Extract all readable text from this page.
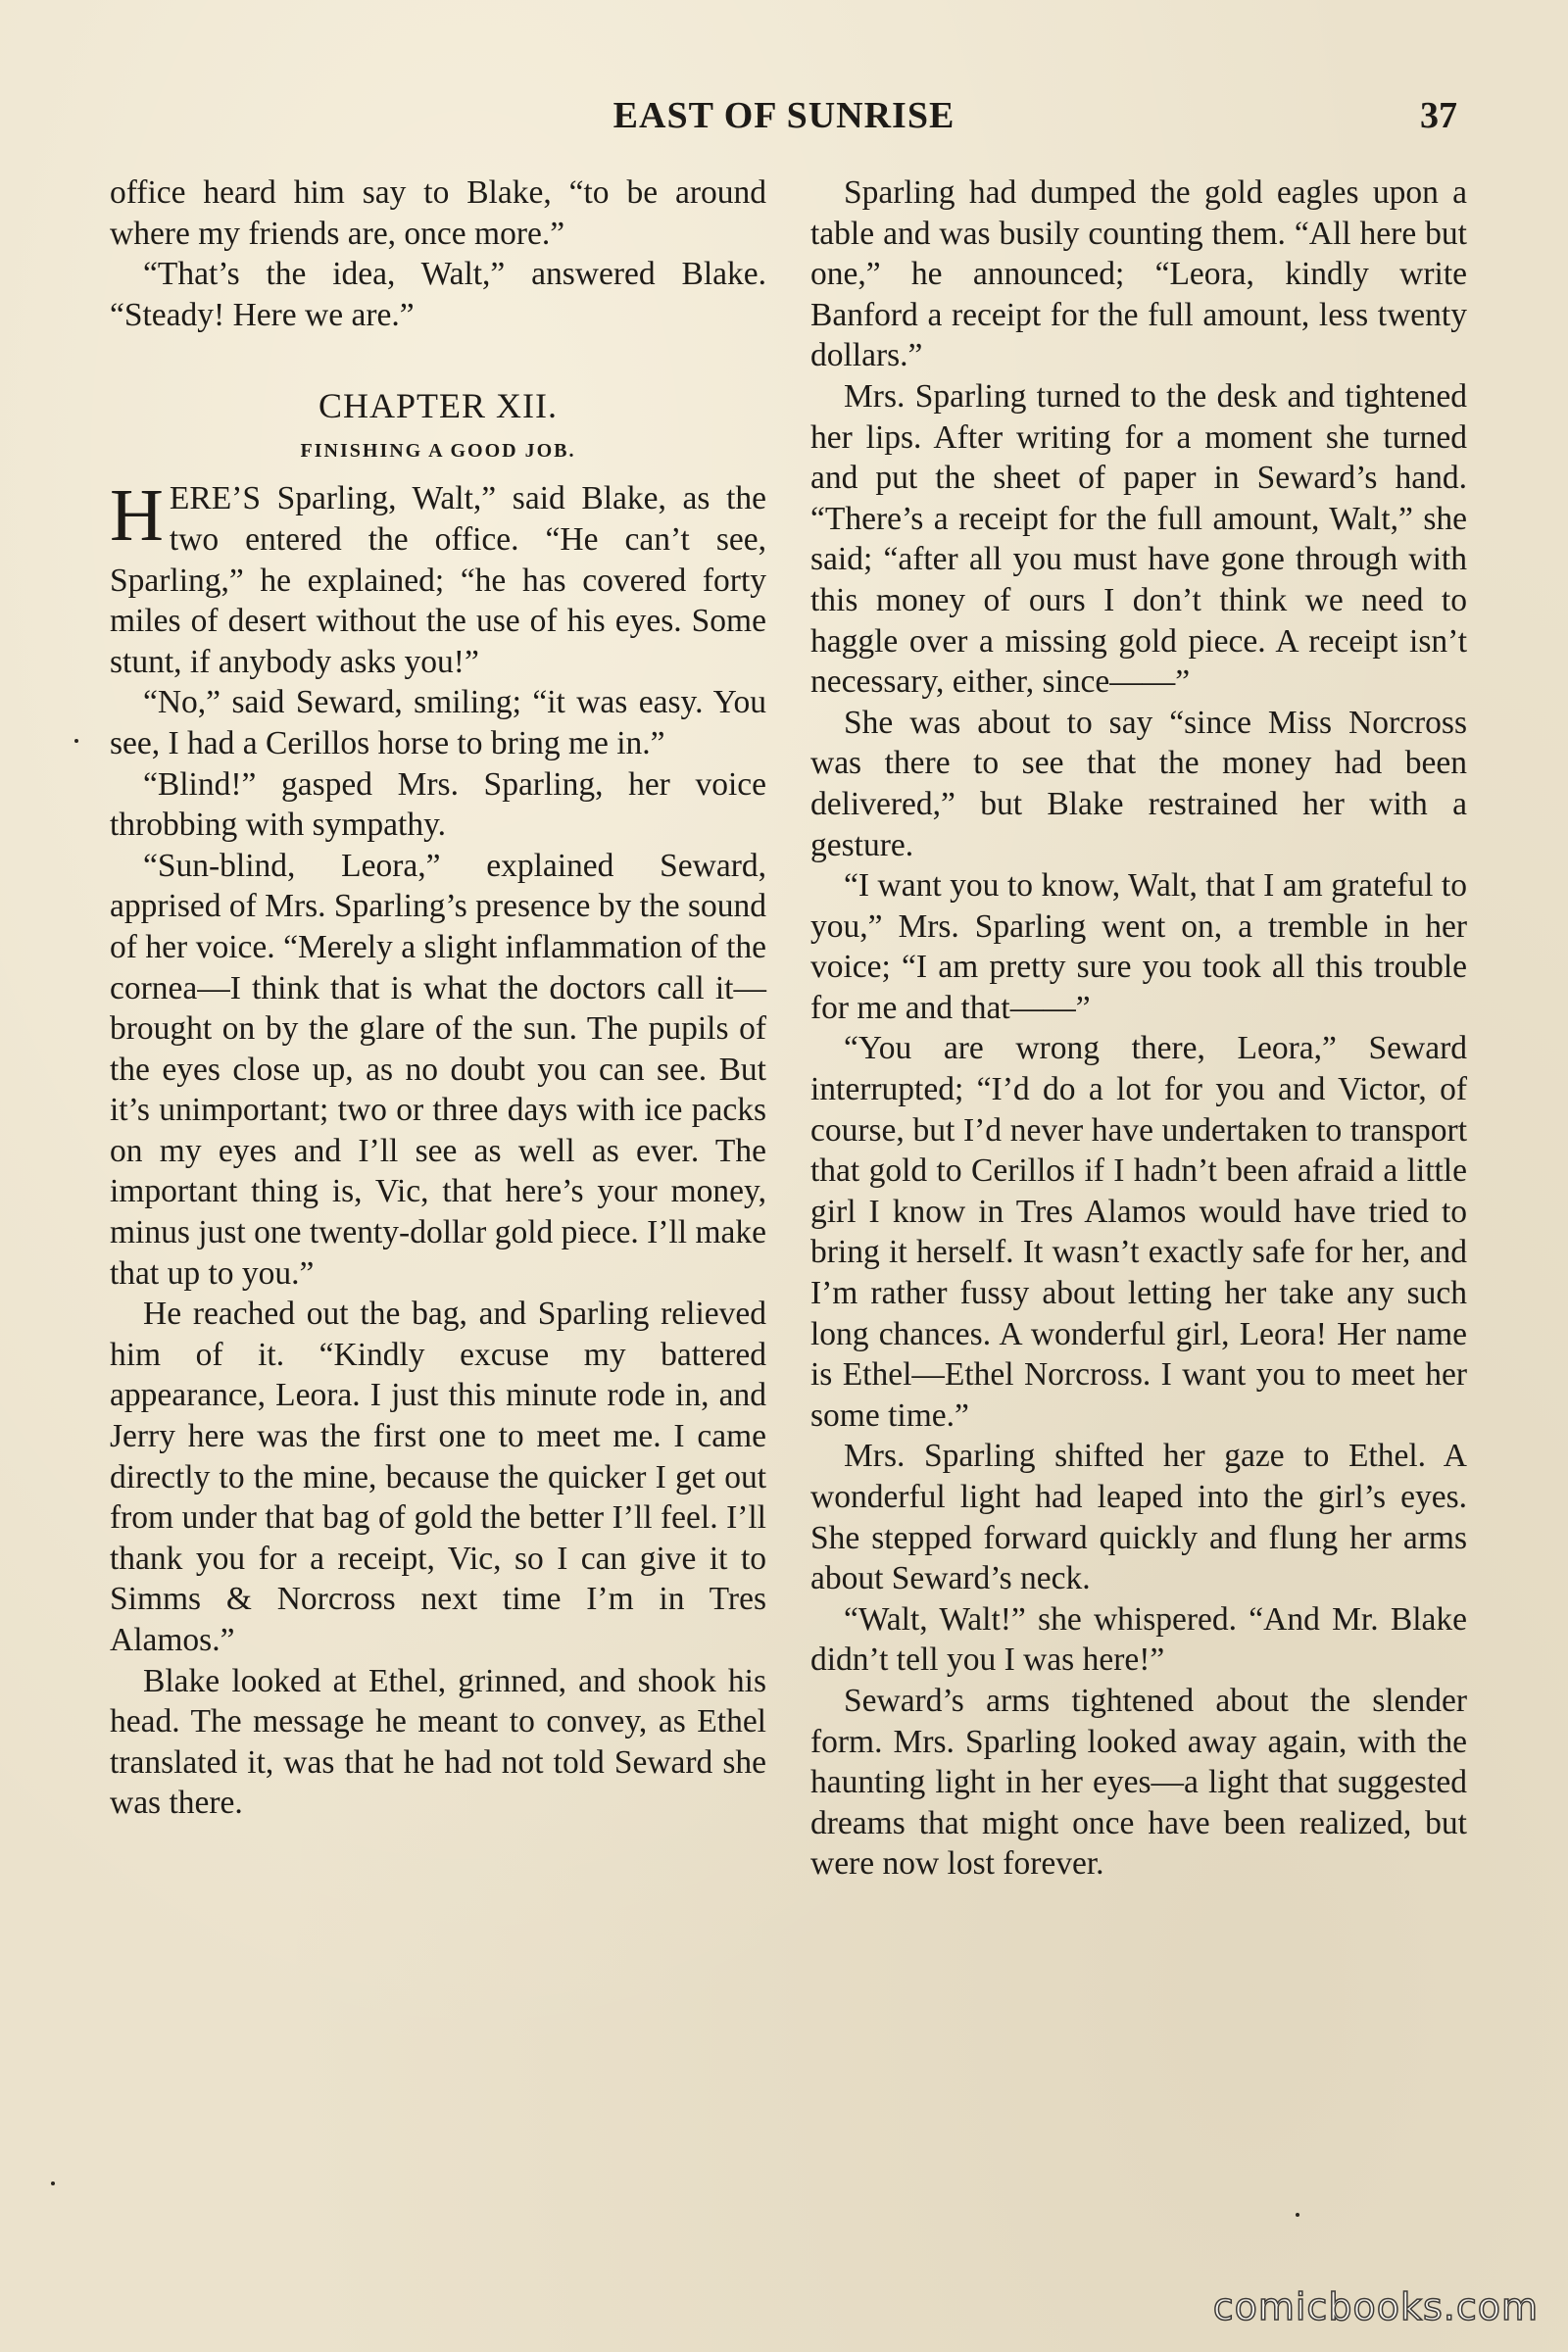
EAST OF SUNRISE	37

office heard him say to Blake, “to be around where my friends are, once more.”

“That’s the idea, Walt,” answered Blake. “Steady! Here we are.”

CHAPTER XII.
FINISHING A GOOD JOB.

HERE’S Sparling, Walt,” said Blake, as the two entered the office. “He can’t see, Sparling,” he explained; “he has covered forty miles of desert without the use of his eyes. Some stunt, if anybody asks you!”

“No,” said Seward, smiling; “it was easy. You see, I had a Cerillos horse to bring me in.”

“Blind!” gasped Mrs. Sparling, her voice throbbing with sympathy.

“Sun-blind, Leora,” explained Seward, apprised of Mrs. Sparling’s presence by the sound of her voice. “Merely a slight inflammation of the cornea—I think that is what the doctors call it—brought on by the glare of the sun. The pupils of the eyes close up, as no doubt you can see. But it’s unimportant; two or three days with ice packs on my eyes and I’ll see as well as ever. The important thing is, Vic, that here’s your money, minus just one twenty-dollar gold piece. I’ll make that up to you.”

He reached out the bag, and Sparling relieved him of it. “Kindly excuse my battered appearance, Leora. I just this minute rode in, and Jerry here was the first one to meet me. I came directly to the mine, because the quicker I get out from under that bag of gold the better I’ll feel. I’ll thank you for a receipt, Vic, so I can give it to Simms & Norcross next time I’m in Tres Alamos.”

Blake looked at Ethel, grinned, and shook his head. The message he meant to convey, as Ethel translated it, was that he had not told Seward she was there.

Sparling had dumped the gold eagles upon a table and was busily counting them. “All here but one,” he announced; “Leora, kindly write Banford a receipt for the full amount, less twenty dollars.”

Mrs. Sparling turned to the desk and tightened her lips. After writing for a moment she turned and put the sheet of paper in Seward’s hand. “There’s a receipt for the full amount, Walt,” she said; “after all you must have gone through with this money of ours I don’t think we need to haggle over a missing gold piece. A receipt isn’t necessary, either, since——”

She was about to say “since Miss Norcross was there to see that the money had been delivered,” but Blake restrained her with a gesture.

“I want you to know, Walt, that I am grateful to you,” Mrs. Sparling went on, a tremble in her voice; “I am pretty sure you took all this trouble for me and that——”

“You are wrong there, Leora,” Seward interrupted; “I’d do a lot for you and Victor, of course, but I’d never have undertaken to transport that gold to Cerillos if I hadn’t been afraid a little girl I know in Tres Alamos would have tried to bring it herself. It wasn’t exactly safe for her, and I’m rather fussy about letting her take any such long chances. A wonderful girl, Leora! Her name is Ethel—Ethel Norcross. I want you to meet her some time.”

Mrs. Sparling shifted her gaze to Ethel. A wonderful light had leaped into the girl’s eyes. She stepped forward quickly and flung her arms about Seward’s neck.

“Walt, Walt!” she whispered. “And Mr. Blake didn’t tell you I was here!”

Seward’s arms tightened about the slender form. Mrs. Sparling looked away again, with the haunting light in her eyes—a light that suggested dreams that might once have been realized, but were now lost forever.

comicbooks.com
